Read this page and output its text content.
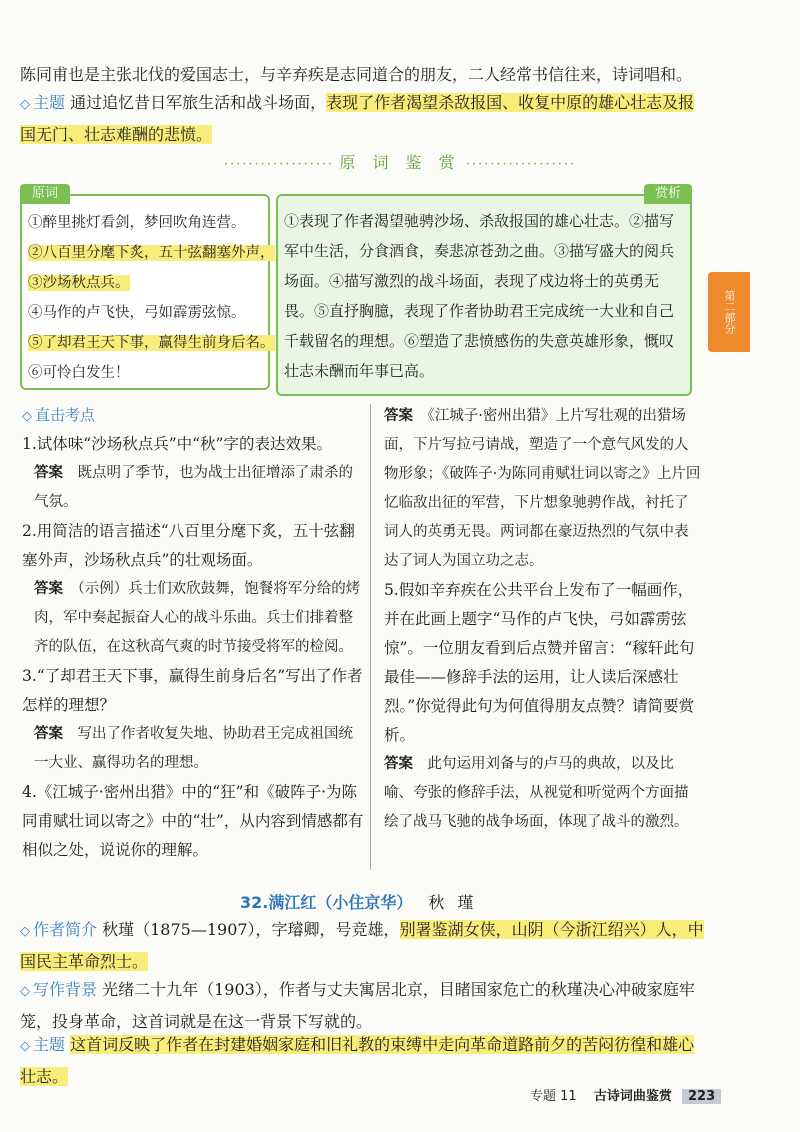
陈同甫也是主张北伐的爱国志士，与辛弃疾是志同道合的朋友，二人经常书信往来，诗词唱和。
◇ 主题 通过追忆昔日军旅生活和战斗场面，表现了作者渴望杀敌报国、收复中原的雄心壮志及报国无门、壮志难酬的悲愤。
·················· 原 词 鉴 赏 ··················
原词
①醉里挑灯看剑，梦回吹角连营。
②八百里分麾下炙，五十弦翻塞外声，
③沙场秋点兵。
④马作的卢飞快，弓如霹雳弦惊。
⑤了却君王天下事，赢得生前身后名。
⑥可怜白发生！
赏析
①表现了作者渴望驰骋沙场、杀敌报国的雄心壮志。②描写军中生活，分食酒食，奏悲凉苍劲之曲。③描写盛大的阅兵场面。④描写激烈的战斗场面，表现了戍边将士的英勇无畏。⑤直抒胸臆，表现了作者协助君王完成统一大业和自己千载留名的理想。⑥塑造了悲愤感伤的失意英雄形象，慨叹壮志未酬而年事已高。
第二部分
◇ 直击考点
1.试体味“沙场秋点兵”中“秋”字的表达效果。
答案　 既点明了季节，也为战士出征增添了肃杀的气氛。
2.用简洁的语言描述“八百里分麾下炙，五十弦翻塞外声，沙场秋点兵”的壮观场面。
答案　 （示例）兵士们欢欣鼓舞，饱餐将军分给的烤肉，军中奏起振奋人心的战斗乐曲。兵士们排着整齐的队伍，在这秋高气爽的时节接受将军的检阅。
3.“了却君王天下事，赢得生前身后名”写出了作者怎样的理想？
答案　 写出了作者收复失地、协助君王完成祖国统一大业、赢得功名的理想。
4.《江城子·密州出猎》中的“狂”和《破阵子·为陈同甫赋壮词以寄之》中的“壮”，从内容到情感都有相似之处，说说你的理解。
答案　 《江城子·密州出猎》上片写壮观的出猎场面，下片写拉弓请战，塑造了一个意气风发的人物形象；《破阵子·为陈同甫赋壮词以寄之》上片回忆临敌出征的军营，下片想象驰骋作战，衬托了词人的英勇无畏。两词都在豪迈热烈的气氛中表达了词人为国立功之志。
5.假如辛弃疾在公共平台上发布了一幅画作，并在此画上题字“马作的卢飞快，弓如霹雳弦惊”。一位朋友看到后点赞并留言：“稼轩此句最佳——修辞手法的运用，让人读后深感壮烈。”你觉得此句为何值得朋友点赞？请简要赏析。
答案　 此句运用刘备与的卢马的典故，以及比喻、夸张的修辞手法，从视觉和听觉两个方面描绘了战马飞驰的战争场面，体现了战斗的激烈。
32.满江红（小住京华） 秋 瑾
◇ 作者简介 秋瑾（1875—1907），字璿卿，号竞雄，别署鉴湖女侠，山阴（今浙江绍兴）人，中国民主革命烈士。
◇ 写作背景 光绪二十九年（1903），作者与丈夫寓居北京，目睹国家危亡的秋瑾决心冲破家庭牢笼，投身革命，这首词就是在这一背景下写就的。
◇ 主题 这首词反映了作者在封建婚姻家庭和旧礼教的束缚中走向革命道路前夕的苦闷彷徨和雄心壮志。
专题 11　 古诗词曲鉴赏 223
